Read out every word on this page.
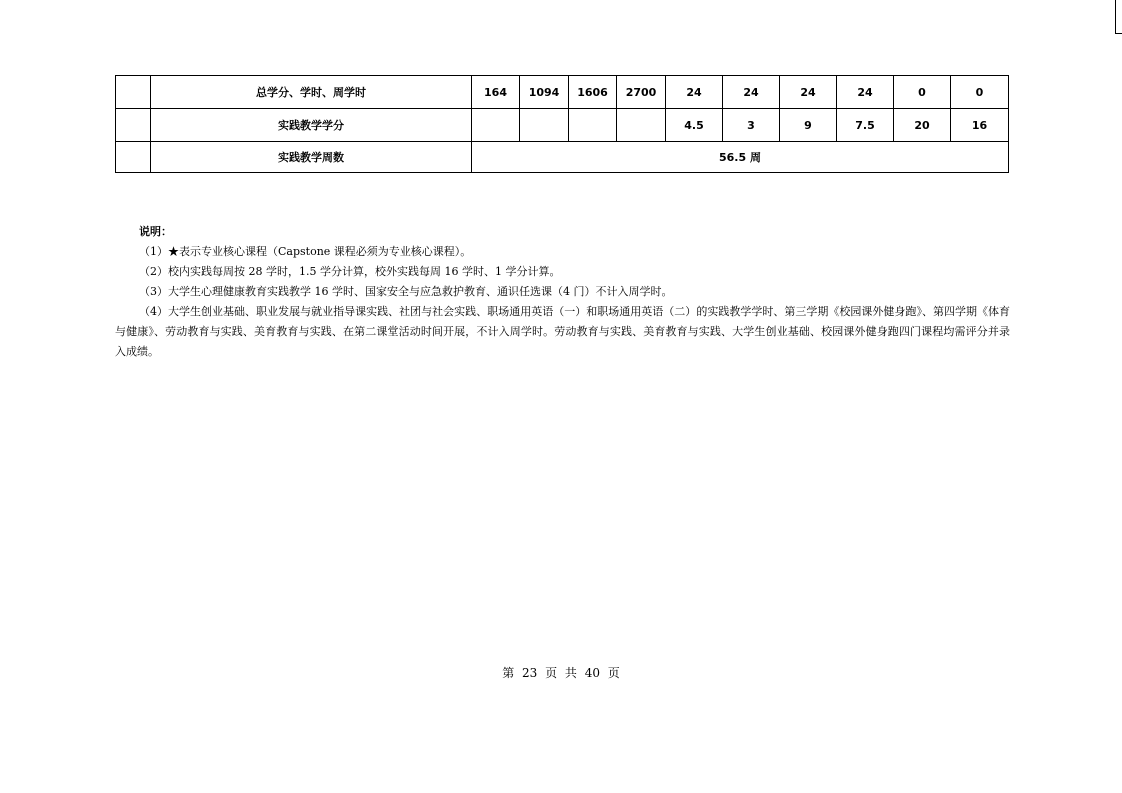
	总学分、学时、周学时	164	1094	1606	2700	24	24	24	24	0	0
	实践教学学分					4.5	3	9	7.5	20	16
	实践教学周数	56.5 周									
说明：

（1）★表示专业核心课程（Capstone 课程必须为专业核心课程）。

（2）校内实践每周按 28 学时，1.5 学分计算，校外实践每周 16 学时、1 学分计算。

（3）大学生心理健康教育实践教学 16 学时、国家安全与应急救护教育、通识任选课（4 门）不计入周学时。

（4）大学生创业基础、职业发展与就业指导课实践、社团与社会实践、职场通用英语（一）和职场通用英语（二）的实践教学学时、第三学期《校园课外健身跑》、第四学期《体育与健康》、劳动教育与实践、美育教育与实践、在第二课堂活动时间开展，不计入周学时。劳动教育与实践、美育教育与实践、大学生创业基础、校园课外健身跑四门课程均需评分并录入成绩。

第 23 页 共 40 页
